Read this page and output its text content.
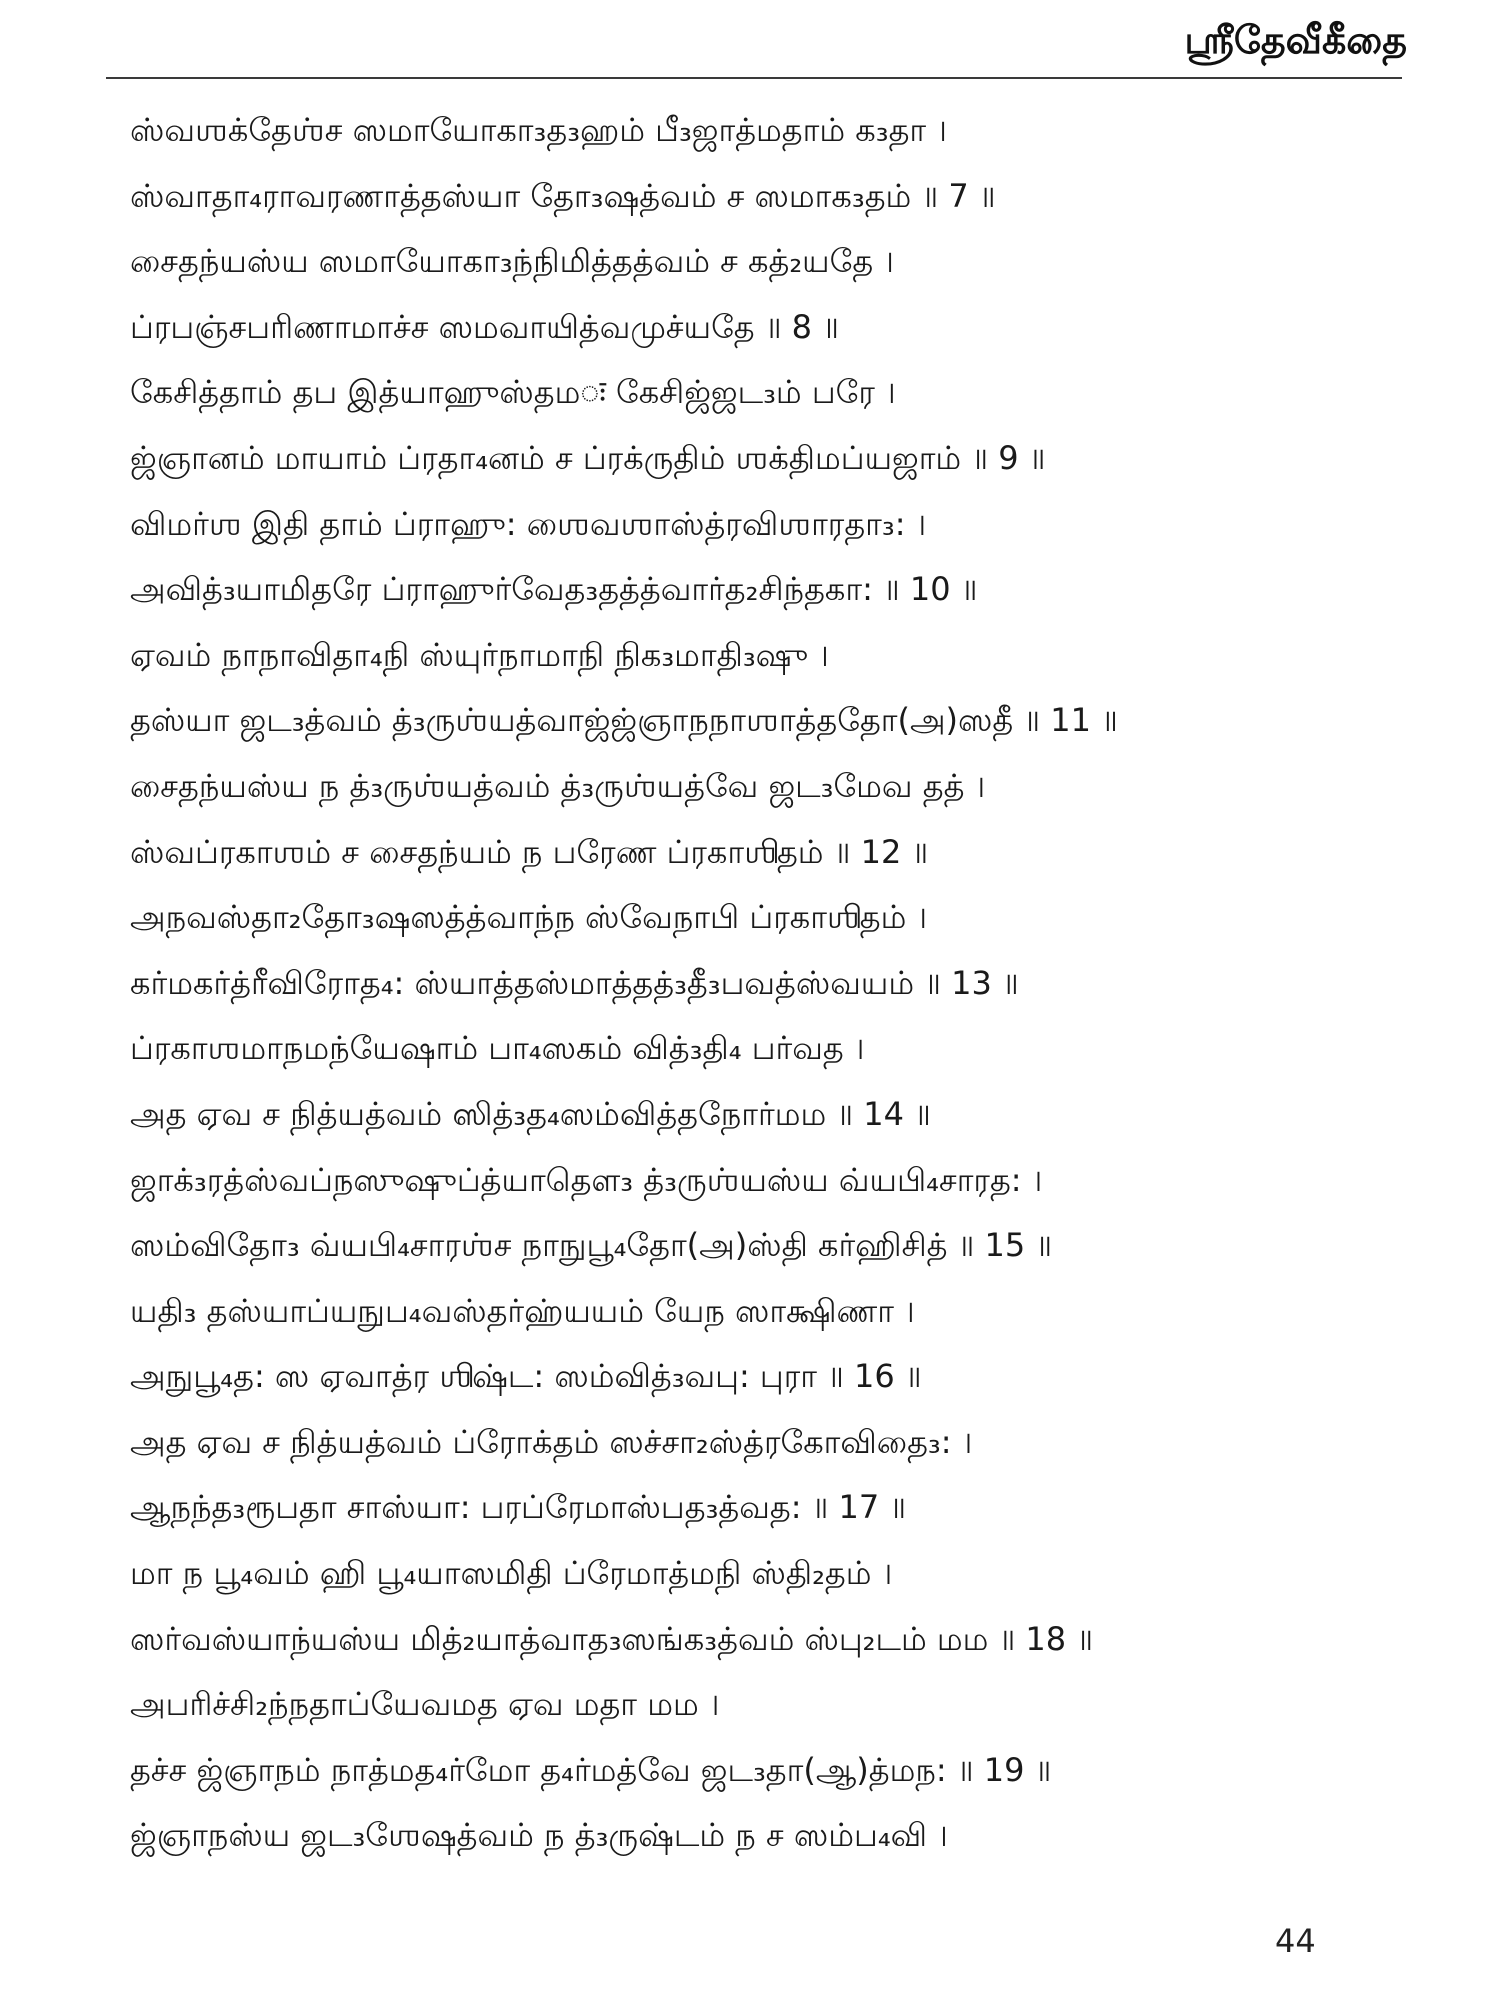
ஸ்ரீதேவீகீதை
ஸ்வஶக்தேஶ்ச ஸமாயோகா₃த₃ஹம் பீ₃ஜாத்மதாம் க₃தா ।
ஸ்வாதா₄ராவரணாத்தஸ்யா தோ₃ஷத்வம் ச ஸமாக₃தம் ॥ 7 ॥
சைதந்யஸ்ய ஸமாயோகா₃ந்நிமித்தத்வம் ச கத்₂யதே ।
ப்ரபஞ்சபரிணாமாச்ச ஸமவாயித்வமுச்யதே ॥ 8 ॥
கேசித்தாம் தப இத்யாஹுஸ்தமः கேசிஜ்ஜட₃ம் பரே ।
ஜ்ஞானம் மாயாம் ப்ரதா₄னம் ச ப்ரக்ருதிம் ஶக்திமப்யஜாம் ॥ 9 ॥
விமர்ஶ இதி தாம் ப்ராஹு꞉ ஶைவஶாஸ்த்ரவிஶாரதா₃꞉ ।
அவித்₃யாமிதரே ப்ராஹுர்வேத₃தத்த்வார்த₂சிந்தகா꞉ ॥ 10 ॥
ஏவம் நாநாவிதா₄நி ஸ்யுர்நாமாநி நிக₃மாதி₃ஷு ।
தஸ்யா ஜட₃த்வம் த்₃ருஶ்யத்வாஜ்ஜ்ஞாநநாஶாத்ததோ(அ)ஸதீ ॥ 11 ॥
சைதந்யஸ்ய ந த்₃ருஶ்யத்வம் த்₃ருஶ்யத்வே ஜட₃மேவ தத் ।
ஸ்வப்ரகாஶம் ச சைதந்யம் ந பரேண ப்ரகாஶிதம் ॥ 12 ॥
அநவஸ்தா₂தோ₃ஷஸத்த்வாந்ந ஸ்வேநாபி ப்ரகாஶிதம் ।
கர்மகர்த்ரீவிரோத₄꞉ ஸ்யாத்தஸ்மாத்தத்₃தீ₃பவத்ஸ்வயம் ॥ 13 ॥
ப்ரகாஶமாநமந்யேஷாம் பா₄ஸகம் வித்₃தி₄ பர்வத ।
அத ஏவ ச நித்யத்வம் ஸித்₃த₄ஸம்வித்தநோர்மம ॥ 14 ॥
ஜாக்₃ரத்ஸ்வப்நஸுஷுப்த்யாதௌ₃ த்₃ருஶ்யஸ்ய வ்யபி₄சாரத꞉ ।
ஸம்விதோ₃ வ்யபி₄சாரஶ்ச நாநுபூ₄தோ(அ)ஸ்தி கர்ஹிசித் ॥ 15 ॥
யதி₃ தஸ்யாப்யநுப₄வஸ்தர்ஹ்யயம் யேந ஸாக்ஷிணா ।
அநுபூ₄த꞉ ஸ ஏவாத்ர ஶிஷ்ட꞉ ஸம்வித்₃வபு꞉ புரா ॥ 16 ॥
அத ஏவ ச நித்யத்வம் ப்ரோக்தம் ஸச்சா₂ஸ்த்ரகோவிதை₃꞉ ।
ஆநந்த₃ரூபதா சாஸ்யா꞉ பரப்ரேமாஸ்பத₃த்வத꞉ ॥ 17 ॥
மா ந பூ₄வம் ஹி பூ₄யாஸமிதி ப்ரேமாத்மநி ஸ்தி₂தம் ।
ஸர்வஸ்யாந்யஸ்ய மித்₂யாத்வாத₃ஸங்க₃த்வம் ஸ்பு₂டம் மம ॥ 18 ॥
அபரிச்சி₂ந்நதாப்யேவமத ஏவ மதா மம ।
தச்ச ஜ்ஞாநம் நாத்மத₄ர்மோ த₄ர்மத்வே ஜட₃தா(ஆ)த்மந꞉ ॥ 19 ॥
ஜ்ஞாநஸ்ய ஜட₃ஶேஷத்வம் ந த்₃ருஷ்டம் ந ச ஸம்ப₄வி ।
44
